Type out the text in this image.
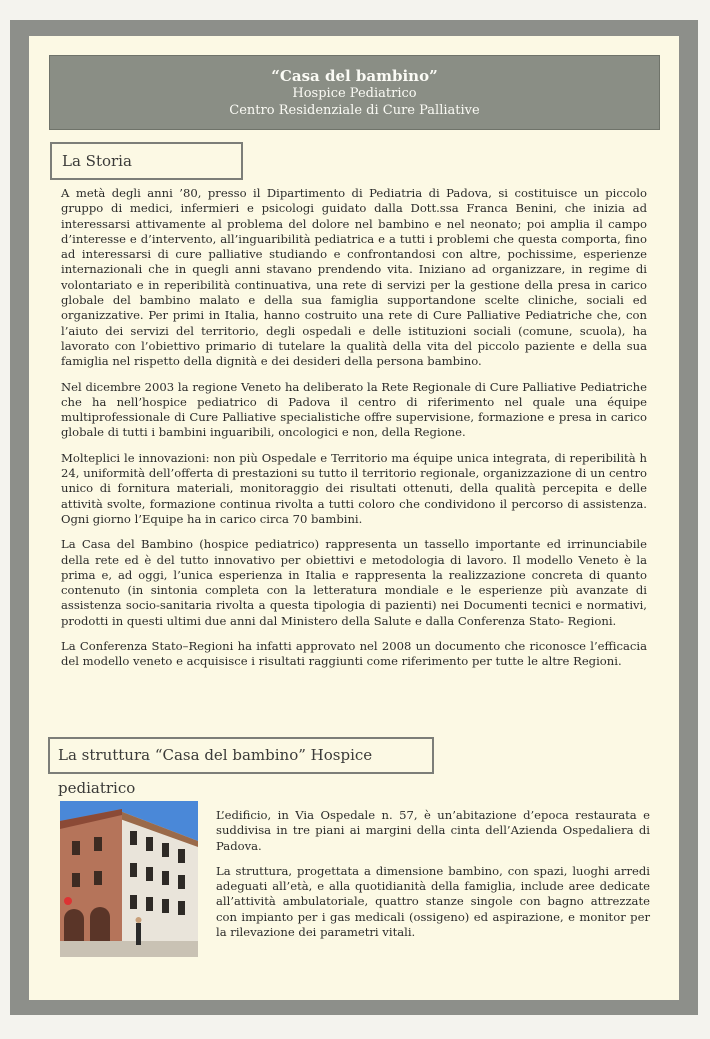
“Casa del bambino”
Hospice Pediatrico
Centro Residenziale di Cure Palliative
La Storia

A metà degli anni ’80, presso il Dipartimento di Pediatria di Padova, si costituisce un piccolo gruppo di medici, infermieri e psicologi guidato dalla Dott.ssa Franca Benini, che inizia ad interessarsi attivamente al problema del dolore nel bambino e nel neonato; poi amplia il campo d’interesse e d’intervento, all’inguaribilità pediatrica e a tutti i problemi che questa comporta, fino ad interessarsi di cure palliative studiando e confrontandosi con altre, pochissime, esperienze internazionali che in quegli anni stavano prendendo vita. Iniziano ad organizzare, in regime di volontariato e in reperibilità continuativa, una rete di servizi per la gestione della presa in carico globale del bambino malato e della sua famiglia supportandone scelte cliniche, sociali ed organizzative. Per primi in Italia, hanno costruito una rete di Cure Palliative Pediatriche che, con l’aiuto dei servizi del territorio, degli ospedali e delle istituzioni sociali (comune, scuola), ha lavorato con l’obiettivo primario di tutelare la qualità della vita del piccolo paziente e della sua famiglia nel rispetto della dignità e dei desideri della persona bambino.

Nel dicembre 2003 la regione Veneto ha deliberato la Rete Regionale di Cure Palliative Pediatriche che ha nell’hospice pediatrico di Padova il centro di riferimento nel quale una équipe multiprofessionale di Cure Palliative specialistiche offre supervisione, formazione e presa in carico globale di tutti i bambini inguaribili, oncologici e non, della Regione.

Molteplici le innovazioni: non più Ospedale e Territorio ma équipe unica integrata, di reperibilità h 24, uniformità dell’offerta di prestazioni su tutto il territorio regionale, organizzazione di un centro unico di fornitura materiali, monitoraggio dei risultati ottenuti, della qualità percepita e delle attività svolte, formazione continua rivolta a tutti coloro che condividono il percorso di assistenza. Ogni giorno l’Equipe ha in carico circa 70 bambini.

La Casa del Bambino (hospice pediatrico) rappresenta un tassello importante ed irrinunciabile della rete ed è del tutto innovativo per obiettivi e metodologia di lavoro. Il modello Veneto è la prima e, ad oggi, l’unica esperienza in Italia e rappresenta la realizzazione concreta di quanto contenuto (in sintonia completa con la letteratura mondiale e le esperienze più avanzate di assistenza socio-sanitaria rivolta a questa tipologia di pazienti) nei Documenti tecnici e normativi, prodotti in questi ultimi due anni dal Ministero della Salute e dalla Conferenza Stato- Regioni.

La Conferenza Stato–Regioni ha infatti approvato nel 2008 un documento che riconosce l’efficacia del modello veneto e acquisisce i risultati raggiunti come riferimento per tutte le altre Regioni.

La struttura “Casa del bambino” Hospice pediatrico

L’edificio, in Via Ospedale n. 57, è un’abitazione d’epoca restaurata e suddivisa in tre piani ai margini della cinta dell’Azienda Ospedaliera di Padova.

La struttura, progettata a dimensione bambino, con spazi, luoghi arredi adeguati all’età, e alla quotidianità della famiglia, include aree dedicate all’attività ambulatoriale, quattro stanze singole con bagno attrezzate con impianto per i gas medicali (ossigeno) ed aspirazione, e monitor per la rilevazione dei parametri vitali.
